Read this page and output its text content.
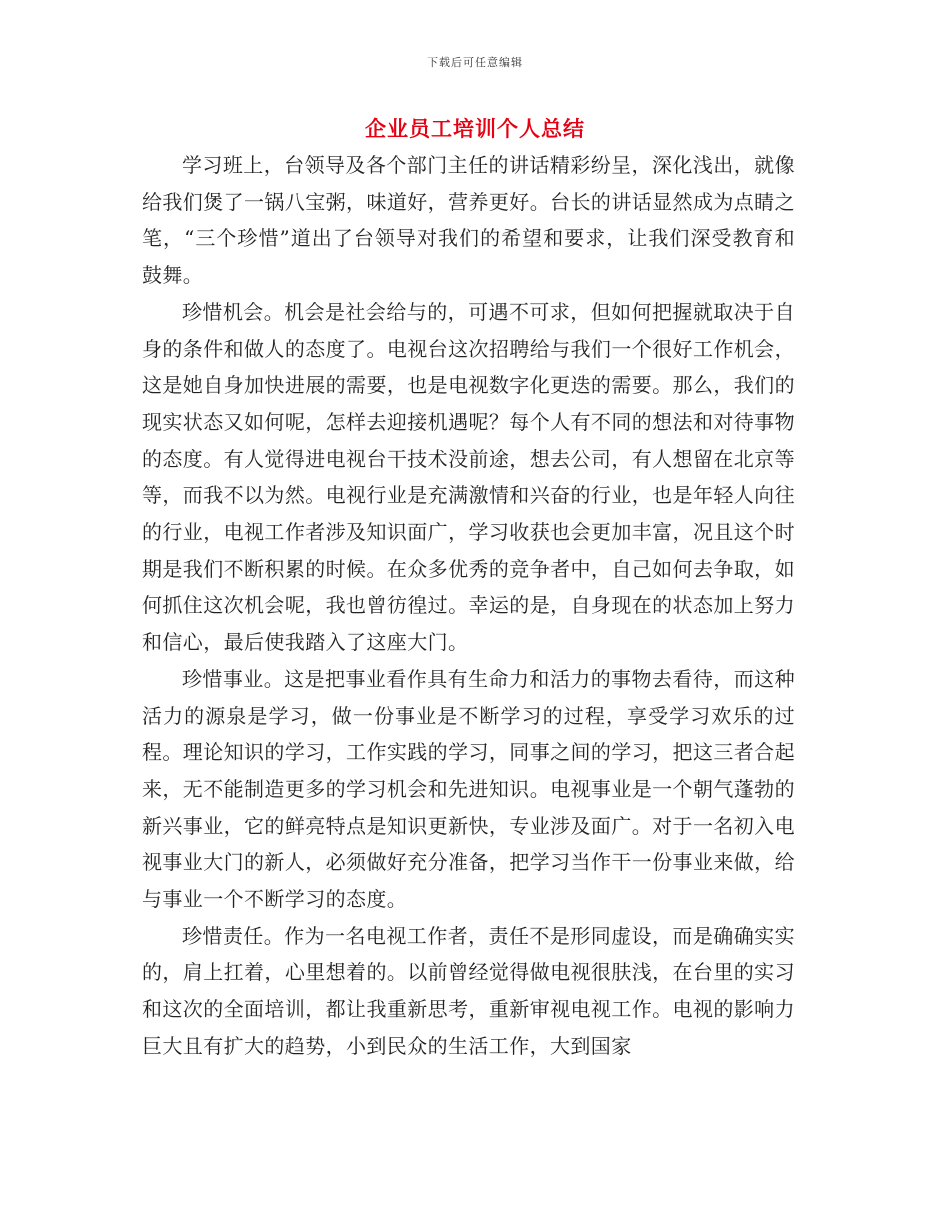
下载后可任意编辑
企业员工培训个人总结

学习班上，台领导及各个部门主任的讲话精彩纷呈，深化浅出，就像给我们煲了一锅八宝粥，味道好，营养更好。台长的讲话显然成为点睛之笔，“三个珍惜”道出了台领导对我们的希望和要求，让我们深受教育和鼓舞。

珍惜机会。机会是社会给与的，可遇不可求，但如何把握就取决于自身的条件和做人的态度了。电视台这次招聘给与我们一个很好工作机会，这是她自身加快进展的需要，也是电视数字化更迭的需要。那么，我们的现实状态又如何呢，怎样去迎接机遇呢？每个人有不同的想法和对待事物的态度。有人觉得进电视台干技术没前途，想去公司，有人想留在北京等等，而我不以为然。电视行业是充满激情和兴奋的行业，也是年轻人向往的行业，电视工作者涉及知识面广，学习收获也会更加丰富，况且这个时期是我们不断积累的时候。在众多优秀的竞争者中，自己如何去争取，如何抓住这次机会呢，我也曾彷徨过。幸运的是，自身现在的状态加上努力和信心，最后使我踏入了这座大门。

珍惜事业。这是把事业看作具有生命力和活力的事物去看待，而这种活力的源泉是学习，做一份事业是不断学习的过程，享受学习欢乐的过程。理论知识的学习，工作实践的学习，同事之间的学习，把这三者合起来，无不能制造更多的学习机会和先进知识。电视事业是一个朝气蓬勃的新兴事业，它的鲜亮特点是知识更新快，专业涉及面广。对于一名初入电视事业大门的新人，必须做好充分准备，把学习当作干一份事业来做，给与事业一个不断学习的态度。

珍惜责任。作为一名电视工作者，责任不是形同虚设，而是确确实实的，肩上扛着，心里想着的。以前曾经觉得做电视很肤浅，在台里的实习和这次的全面培训，都让我重新思考，重新审视电视工作。电视的影响力巨大且有扩大的趋势，小到民众的生活工作，大到国家
